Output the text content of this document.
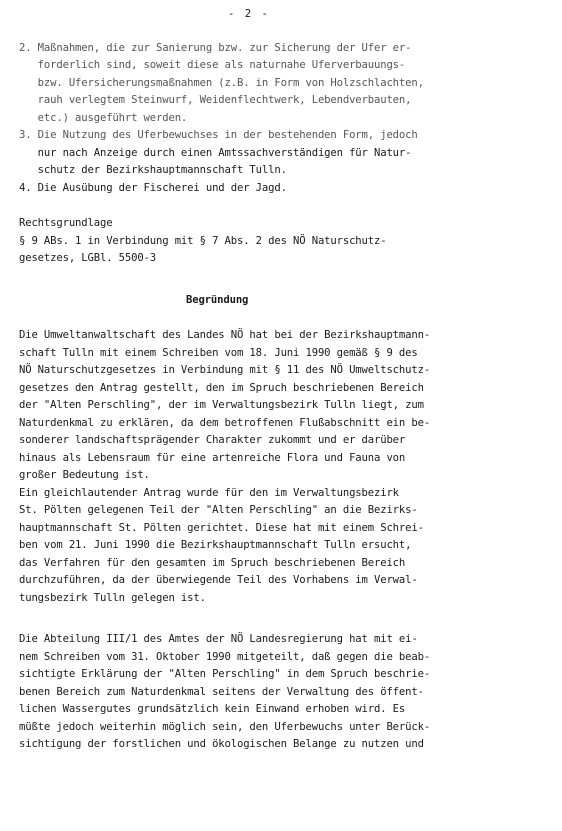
- 2 -
2. Maßnahmen, die zur Sanierung bzw. zur Sicherung der Ufer er-
forderlich sind, soweit diese als naturnahe Uferverbauungs-
bzw. Ufersicherungsmaßnahmen (z.B. in Form von Holzschlachten,
rauh verlegtem Steinwurf, Weidenflechtwerk, Lebendverbauten,
etc.) ausgeführt werden.
3. Die Nutzung des Uferbewuchses in der bestehenden Form, jedoch
nur nach Anzeige durch einen Amtssachverständigen für Natur-
schutz der Bezirkshauptmannschaft Tulln.
4. Die Ausübung der Fischerei und der Jagd.
Rechtsgrundlage
§ 9 ABs. 1 in Verbindung mit § 7 Abs. 2 des NÖ Naturschutz-
gesetzes, LGBl. 5500-3
Begründung
Die Umweltanwaltschaft des Landes NÖ hat bei der Bezirkshauptmann-
schaft Tulln mit einem Schreiben vom 18. Juni 1990 gemäß § 9 des
NÖ Naturschutzgesetzes in Verbindung mit § 11 des NÖ Umweltschutz-
gesetzes den Antrag gestellt, den im Spruch beschriebenen Bereich
der "Alten Perschling", der im Verwaltungsbezirk Tulln liegt, zum
Naturdenkmal zu erklären, da dem betroffenen Flußabschnitt ein be-
sonderer landschaftsprägender Charakter zukommt und er darüber
hinaus als Lebensraum für eine artenreiche Flora und Fauna von
großer Bedeutung ist.
Ein gleichlautender Antrag wurde für den im Verwaltungsbezirk
St. Pölten gelegenen Teil der "Alten Perschling" an die Bezirks-
hauptmannschaft St. Pölten gerichtet. Diese hat mit einem Schrei-
ben vom 21. Juni 1990 die Bezirkshauptmannschaft Tulln ersucht,
das Verfahren für den gesamten im Spruch beschriebenen Bereich
durchzuführen, da der überwiegende Teil des Vorhabens im Verwal-
tungsbezirk Tulln gelegen ist.
Die Abteilung III/1 des Amtes der NÖ Landesregierung hat mit ei-
nem Schreiben vom 31. Oktober 1990 mitgeteilt, daß gegen die beab-
sichtigte Erklärung der "Alten Perschling" in dem Spruch beschrie-
benen Bereich zum Naturdenkmal seitens der Verwaltung des öffent-
lichen Wassergutes grundsätzlich kein Einwand erhoben wird. Es
müßte jedoch weiterhin möglich sein, den Uferbewuchs unter Berück-
sichtigung der forstlichen und ökologischen Belange zu nutzen und
